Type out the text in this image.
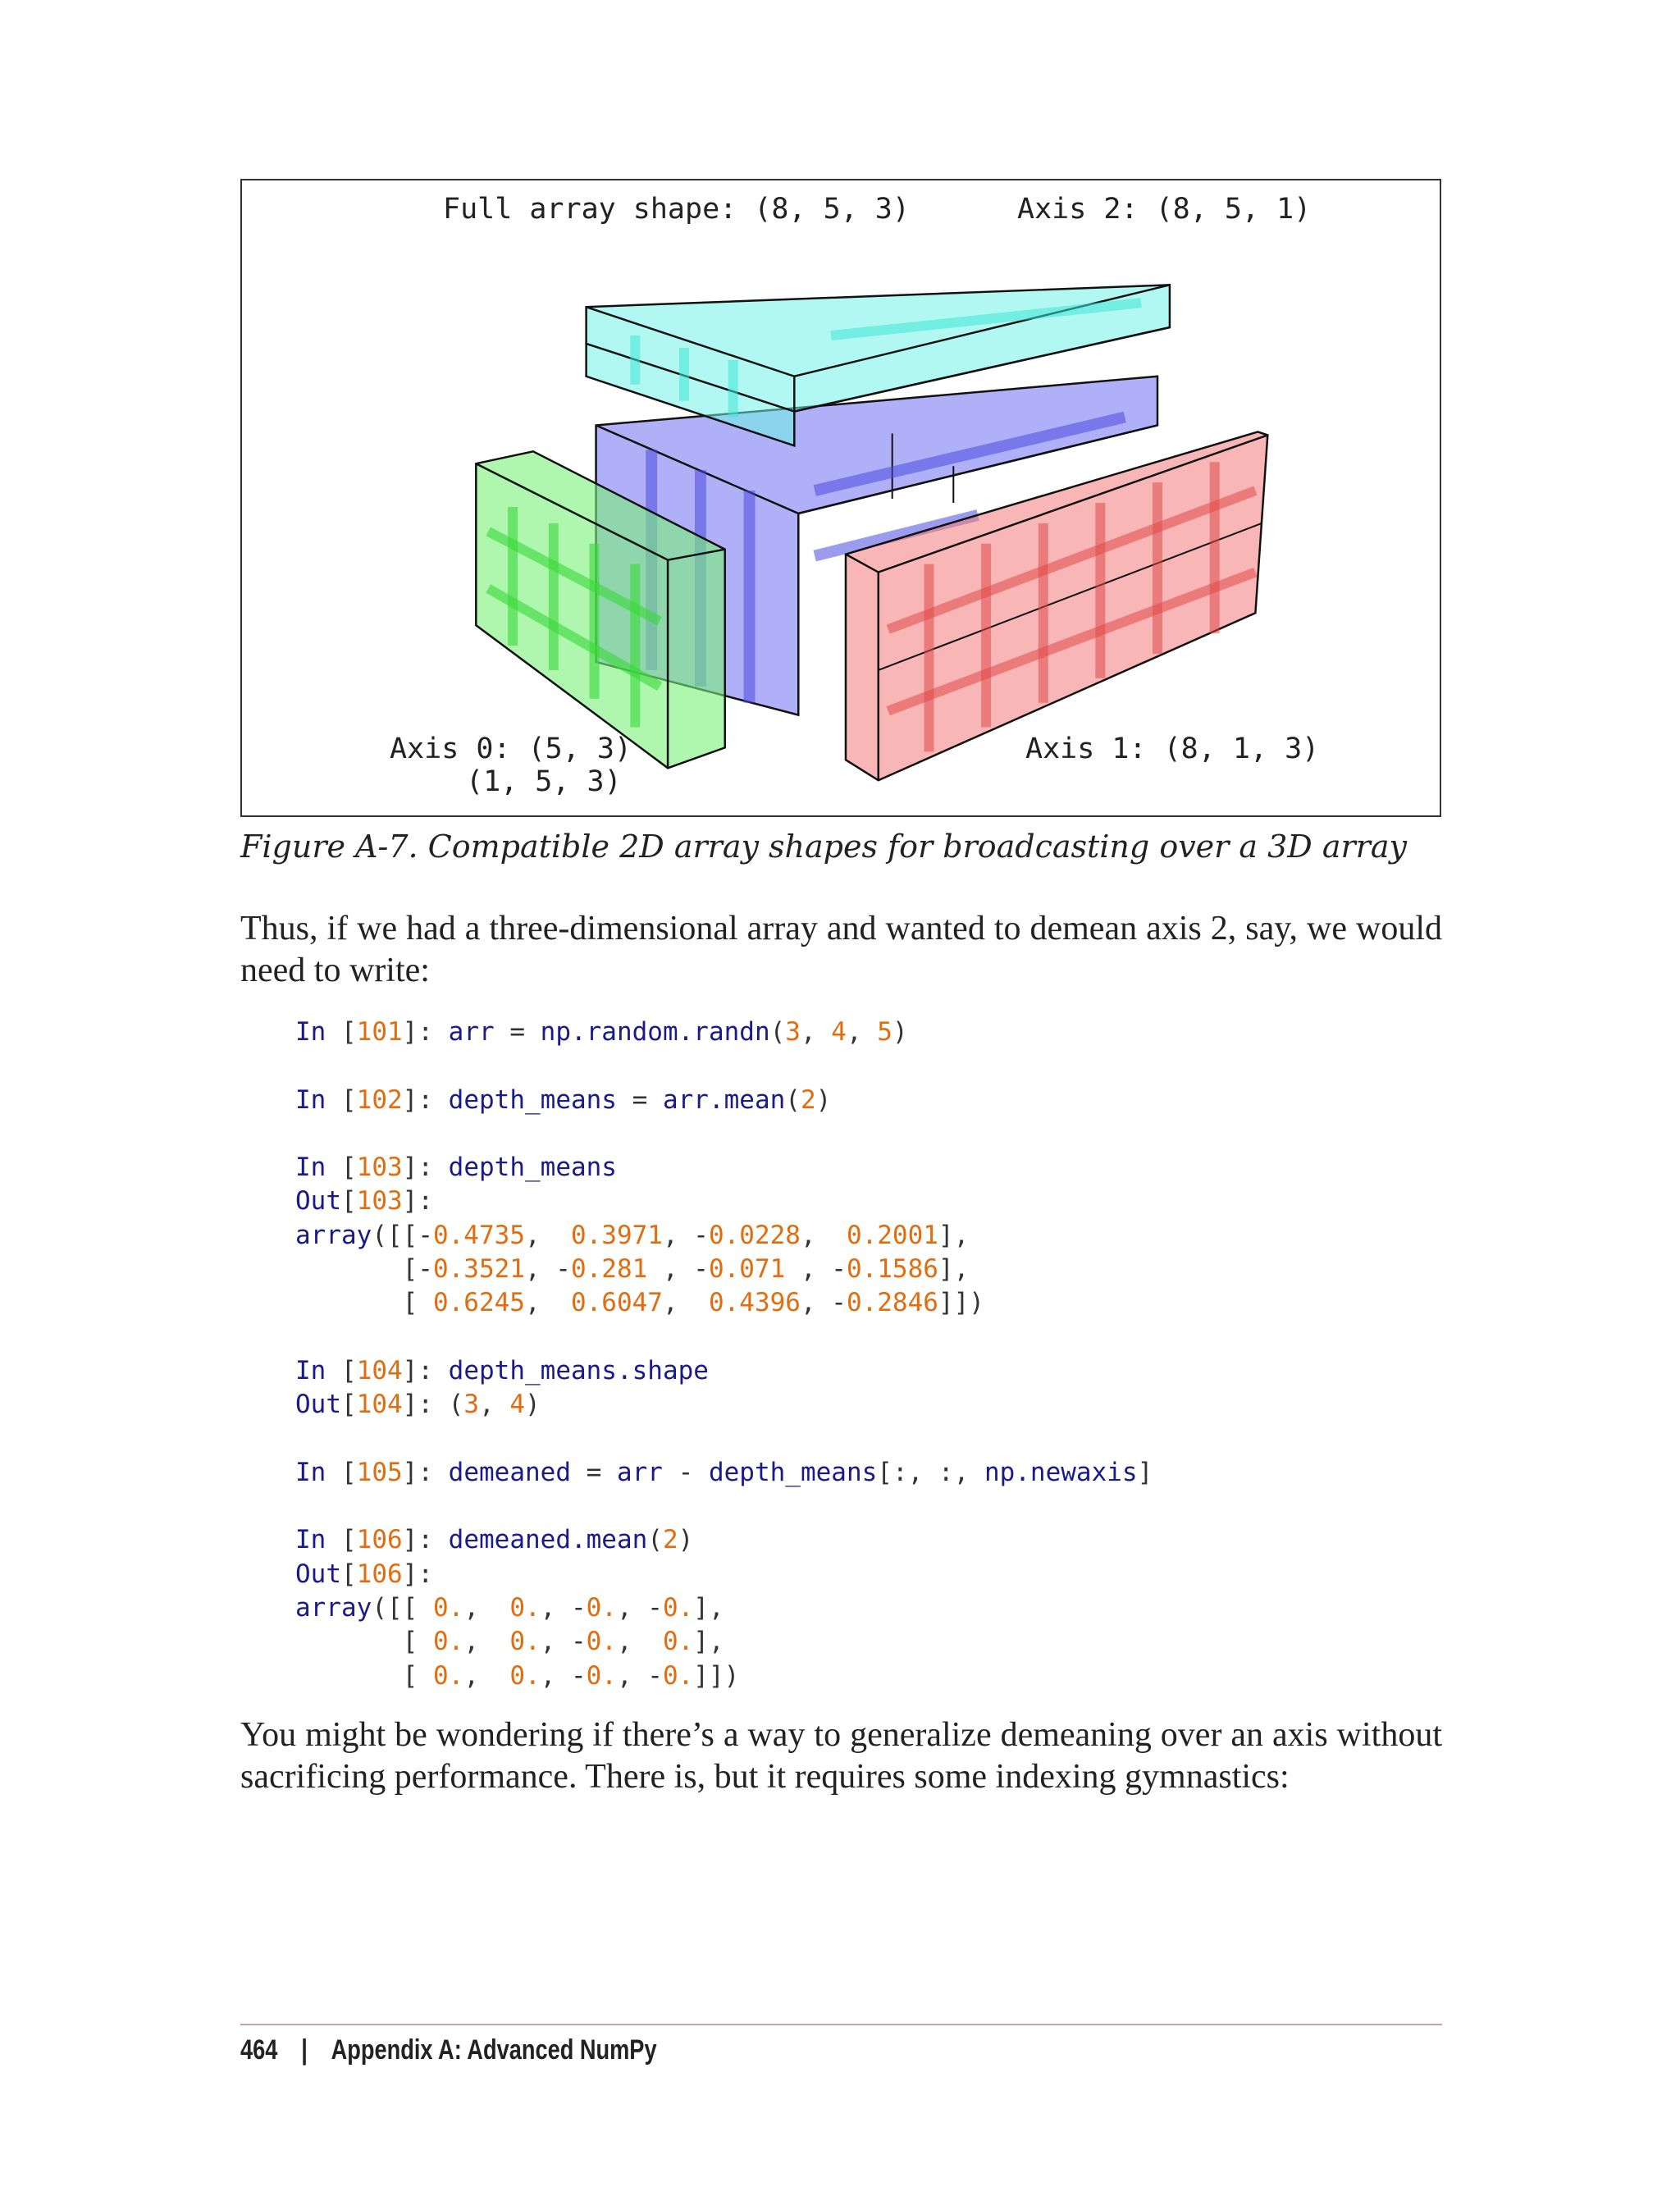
Full array shape: (8, 5, 3)	Axis 2: (8, 5, 1)
Axis 0: (5, 3)
(1, 5, 3)
Axis 1: (8, 1, 3)
Figure A-7. Compatible 2D array shapes for broadcasting over a 3D array
Thus, if we had a three-dimensional array and wanted to demean axis 2, say, we would need to write:
In [101]: arr = np.random.randn(3, 4, 5)

In [102]: depth_means = arr.mean(2)

In [103]: depth_means
Out[103]:
array([[-0.4735,  0.3971, -0.0228,  0.2001],
[-0.3521, -0.281 , -0.071 , -0.1586],
[ 0.6245,  0.6047,  0.4396, -0.2846]])

In [104]: depth_means.shape
Out[104]: (3, 4)

In [105]: demeaned = arr - depth_means[:, :, np.newaxis]

In [106]: demeaned.mean(2)
Out[106]:
array([[ 0.,  0., -0., -0.],
[ 0.,  0., -0.,  0.],
[ 0.,  0., -0., -0.]])
You might be wondering if there’s a way to generalize demeaning over an axis without sacrificing performance. There is, but it requires some indexing gymnastics:
464 | Appendix A: Advanced NumPy
